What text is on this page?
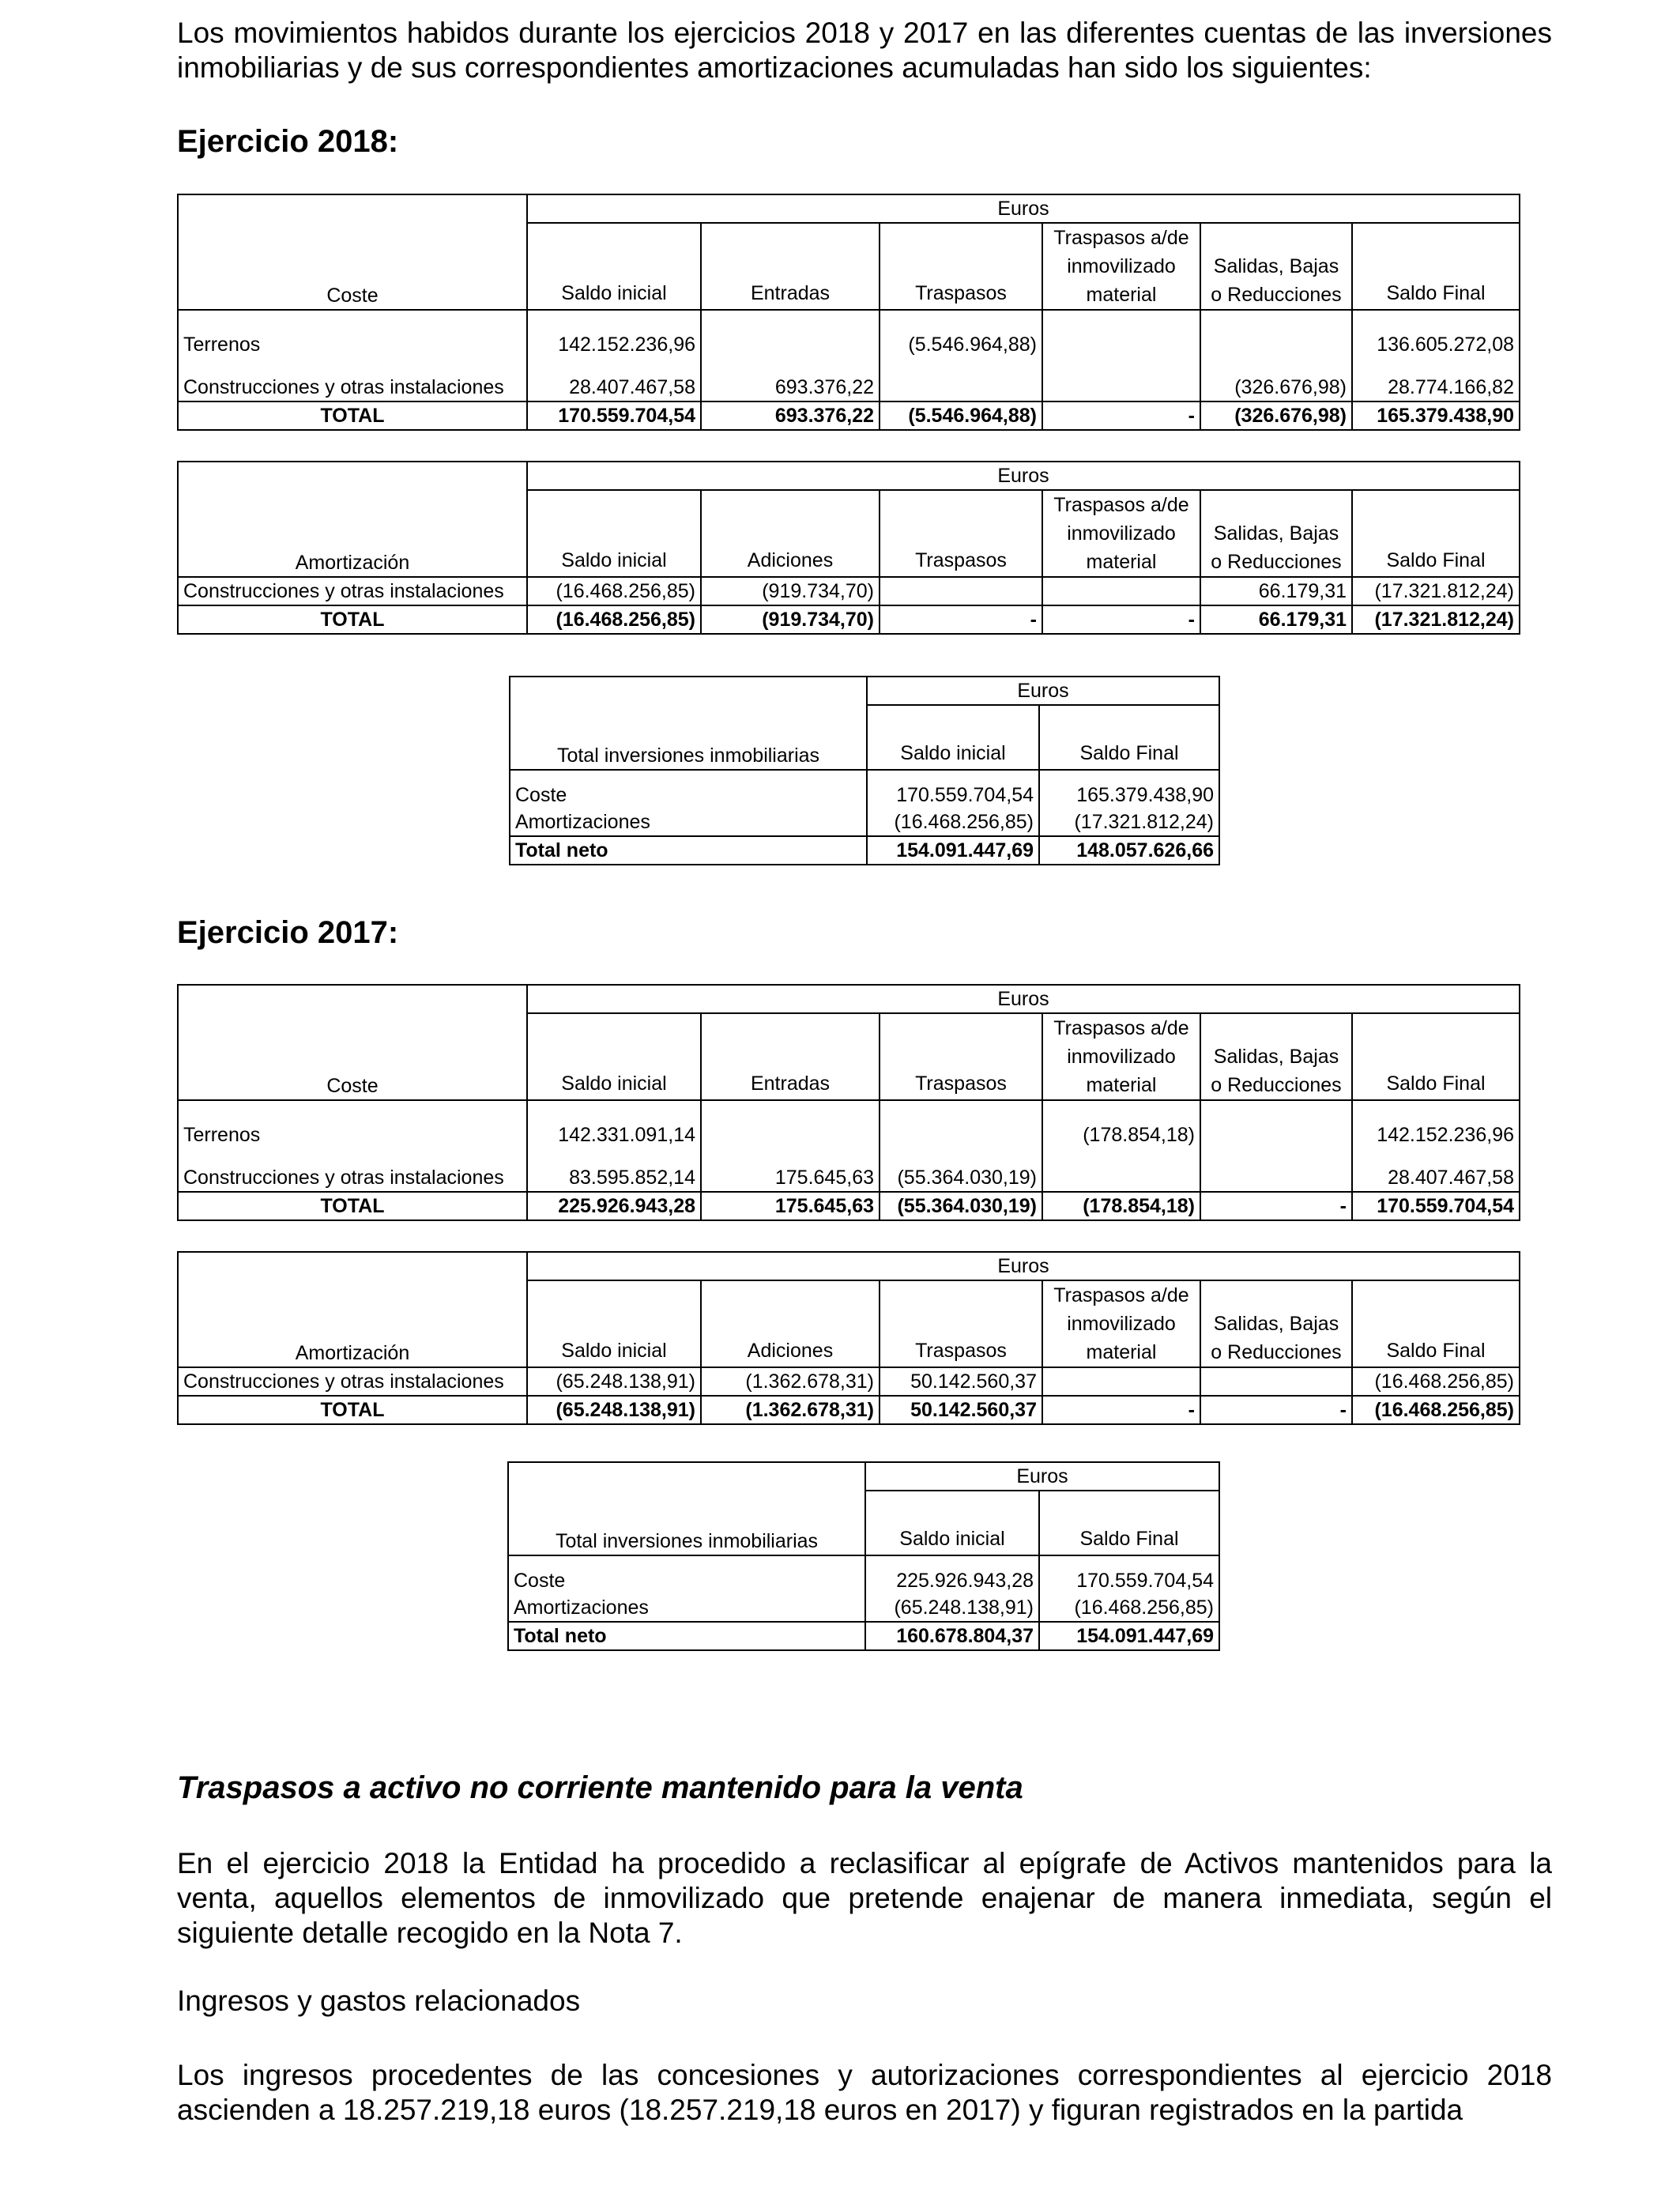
Los movimientos habidos durante los ejercicios 2018 y 2017 en las diferentes cuentas de las inversiones inmobiliarias y de sus correspondientes amortizaciones acumuladas han sido los siguientes:

Ejercicio 2018:

Coste	Euros					
	Saldo inicial	Entradas	Traspasos	Traspasos a/de inmovilizado material	Salidas, Bajas o Reducciones	Saldo Final
Terrenos	142.152.236,96		(5.546.964,88)			136.605.272,08
Construcciones y otras instalaciones	28.407.467,58	693.376,22			(326.676,98)	28.774.166,82
TOTAL	170.559.704,54	693.376,22	(5.546.964,88)	-	(326.676,98)	165.379.438,90
Amortización	Euros					
	Saldo inicial	Adiciones	Traspasos	Traspasos a/de inmovilizado material	Salidas, Bajas o Reducciones	Saldo Final
Construcciones y otras instalaciones	(16.468.256,85)	(919.734,70)			66.179,31	(17.321.812,24)
TOTAL	(16.468.256,85)	(919.734,70)	-	-	66.179,31	(17.321.812,24)
Total inversiones inmobiliarias	Euros	
	Saldo inicial	Saldo Final
Coste	170.559.704,54	165.379.438,90
Amortizaciones	(16.468.256,85)	(17.321.812,24)
Total neto	154.091.447,69	148.057.626,66

Ejercicio 2017:

Coste	Euros					
	Saldo inicial	Entradas	Traspasos	Traspasos a/de inmovilizado material	Salidas, Bajas o Reducciones	Saldo Final
Terrenos	142.331.091,14			(178.854,18)		142.152.236,96
Construcciones y otras instalaciones	83.595.852,14	175.645,63	(55.364.030,19)			28.407.467,58
TOTAL	225.926.943,28	175.645,63	(55.364.030,19)	(178.854,18)	-	170.559.704,54
Amortización	Euros					
	Saldo inicial	Adiciones	Traspasos	Traspasos a/de inmovilizado material	Salidas, Bajas o Reducciones	Saldo Final
Construcciones y otras instalaciones	(65.248.138,91)	(1.362.678,31)	50.142.560,37			(16.468.256,85)
TOTAL	(65.248.138,91)	(1.362.678,31)	50.142.560,37	-	-	(16.468.256,85)
Total inversiones inmobiliarias	Euros	
	Saldo inicial	Saldo Final
Coste	225.926.943,28	170.559.704,54
Amortizaciones	(65.248.138,91)	(16.468.256,85)
Total neto	160.678.804,37	154.091.447,69

Traspasos a activo no corriente mantenido para la venta

En el ejercicio 2018 la Entidad ha procedido a reclasificar al epígrafe de Activos mantenidos para la venta, aquellos elementos de inmovilizado que pretende enajenar de manera inmediata, según el siguiente detalle recogido en la Nota 7.

Ingresos y gastos relacionados

Los ingresos procedentes de las concesiones y autorizaciones correspondientes al ejercicio 2018 ascienden a 18.257.219,18 euros (18.257.219,18 euros en 2017) y figuran registrados en la partida
